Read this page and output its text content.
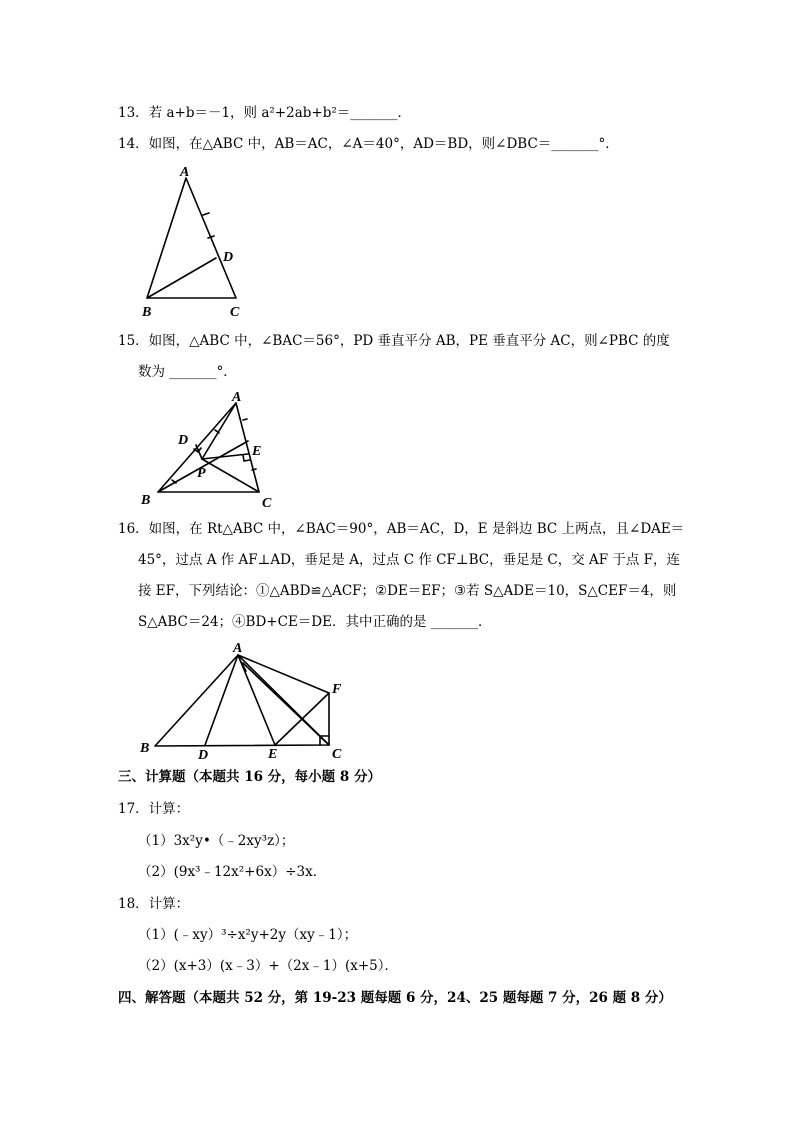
13．若 a+b＝－1，则 a²+2ab+b²＝_______．
14．如图，在△ABC 中，AB＝AC，∠A＝40°，AD＝BD，则∠DBC＝_______°．
A
D
B	C
15．如图，△ABC 中，∠BAC＝56°，PD 垂直平分 AB，PE 垂直平分 AC，则∠PBC 的度
数为 _______°．
A
D
E
P
B	C
16．如图，在 Rt△ABC 中，∠BAC＝90°，AB＝AC，D，E 是斜边 BC 上两点，且∠DAE＝
45°，过点 A 作 AF⊥AD，垂足是 A，过点 C 作 CF⊥BC，垂足是 C，交 AF 于点 F，连
接 EF，下列结论：①△ABD≌△ACF；②DE＝EF；③若 S△ADE＝10，S△CEF＝4，则
S△ABC＝24；④BD+CE＝DE．其中正确的是 _______．
A
F
B	D	E	C
三、计算题（本题共 16 分，每小题 8 分）
17．计算：
（1）3x²y•（﹣2xy³z）；
（2）(9x³﹣12x²+6x）÷3x．
18．计算：
（1）(﹣xy）³÷x²y+2y（xy﹣1）；
（2）(x+3）(x﹣3）+（2x﹣1）(x+5）．
四、解答题（本题共 52 分，第 19-23 题每题 6 分，24、25 题每题 7 分，26 题 8 分）
